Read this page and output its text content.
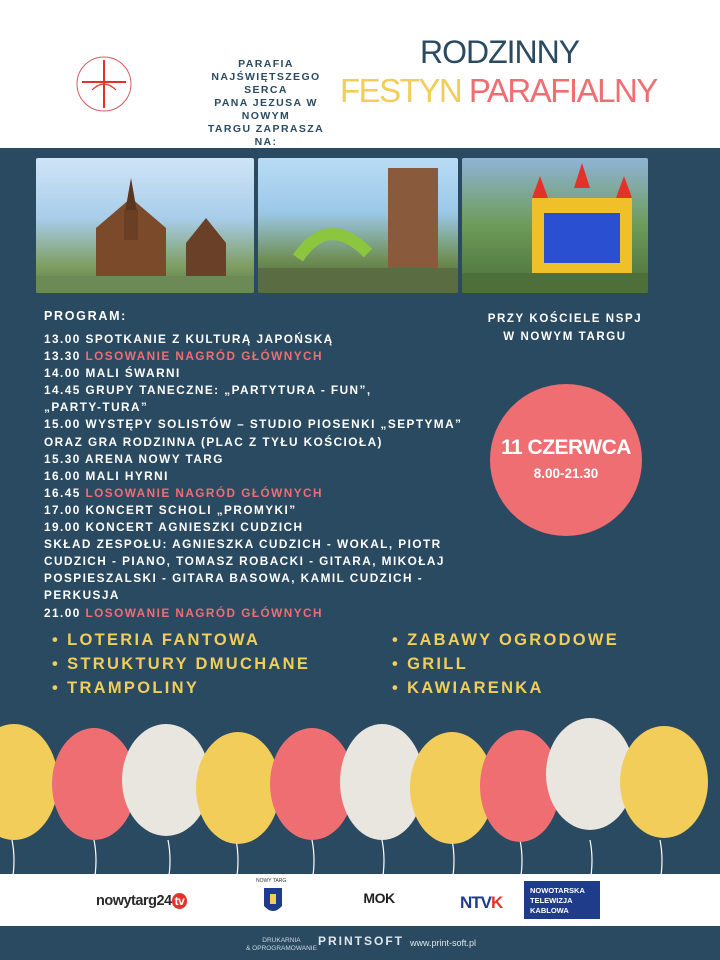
PARAFIA
NAJŚWIĘTSZEGO SERCA
PANA JEZUSA W NOWYM
TARGU ZAPRASZA NA:
RODZINNY
FESTYN PARAFIALNY
PROGRAM:
13.00 SPOTKANIE Z KULTURĄ JAPOŃSKĄ
13.30 LOSOWANIE NAGRÓD GŁÓWNYCH
14.00 MALI ŚWARNI
14.45 GRUPY TANECZNE: „PARTYTURA - FUN”,
„PARTY-TURA”
15.00 WYSTĘPY SOLISTÓW – STUDIO PIOSENKI „SEPTYMA”
ORAZ GRA RODZINNA (PLAC Z TYŁU KOŚCIOŁA)
15.30 ARENA NOWY TARG
16.00 MALI HYRNI
16.45 LOSOWANIE NAGRÓD GŁÓWNYCH
17.00 KONCERT SCHOLI „PROMYKI”
19.00 KONCERT AGNIESZKI CUDZICH
SKŁAD ZESPOŁU: AGNIESZKA CUDZICH - WOKAL, PIOTR
CUDZICH - PIANO, TOMASZ ROBACKI - GITARA, MIKOŁAJ
POSPIESZALSKI - GITARA BASOWA, KAMIL CUDZICH -
PERKUSJA
21.00 LOSOWANIE NAGRÓD GŁÓWNYCH
PRZY KOŚCIELE NSPJ
W NOWYM TARGU
11 CZERWCA
8.00-21.30
• LOTERIA FANTOWA
• STRUKTURY DMUCHANE
• TRAMPOLINY
• ZABAWY OGRODOWE
• GRILL
• KAWIARENKA
nowytarg24 tv
NOWY TARG
MOK	NTVK
NOWOTARSKA
TELEWIZJA
KABLOWA
DRUKARNIA
& OPROGRAMOWANIE PRINTSOFT www.print-soft.pl
